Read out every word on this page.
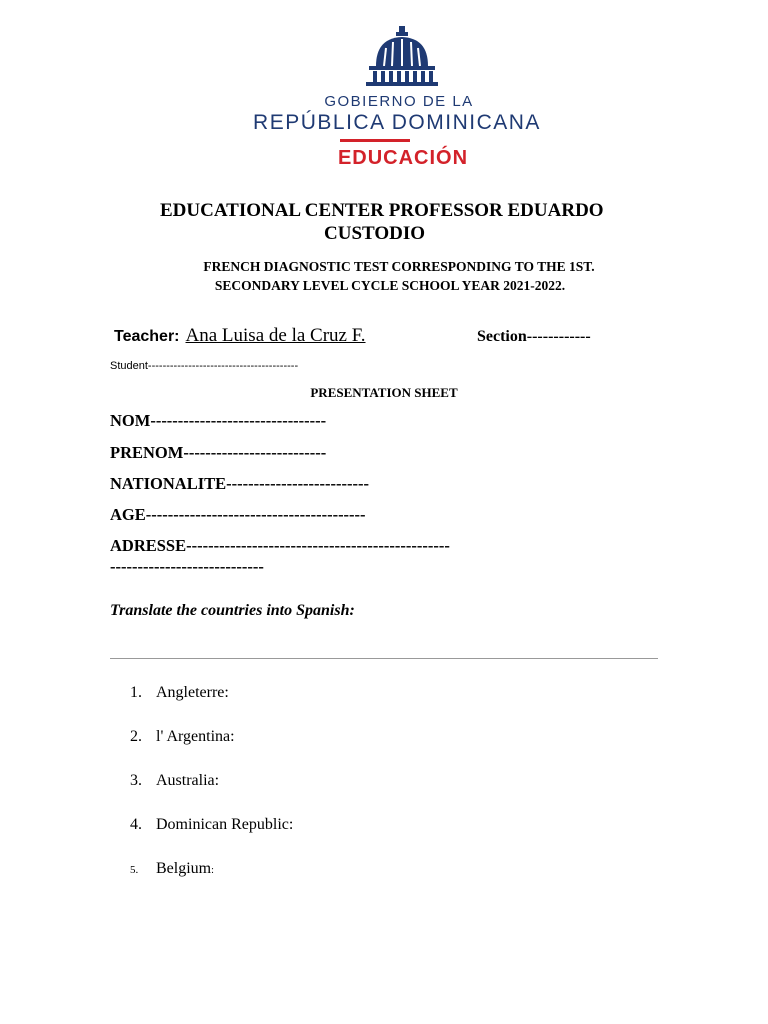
GOBIERNO DE LA
REPÚBLICA DOMINICANA
EDUCACIÓN
EDUCATIONAL CENTER PROFESSOR EDUARDO
CUSTODIO
FRENCH DIAGNOSTIC TEST CORRESPONDING TO THE 1ST.
SECONDARY LEVEL CYCLE SCHOOL YEAR 2021-2022.
Teacher: Ana Luisa de la Cruz F.	Section------------
Student-----------------------------------------
PRESENTATION SHEET
NOM--------------------------------
PRENOM--------------------------
NATIONALITE--------------------------
AGE----------------------------------------
ADRESSE------------------------------------------------
----------------------------
Translate the countries into Spanish:
1. Angleterre:
2. l' Argentina:
3. Australia:
4. Dominican Republic:
5. Belgium:
